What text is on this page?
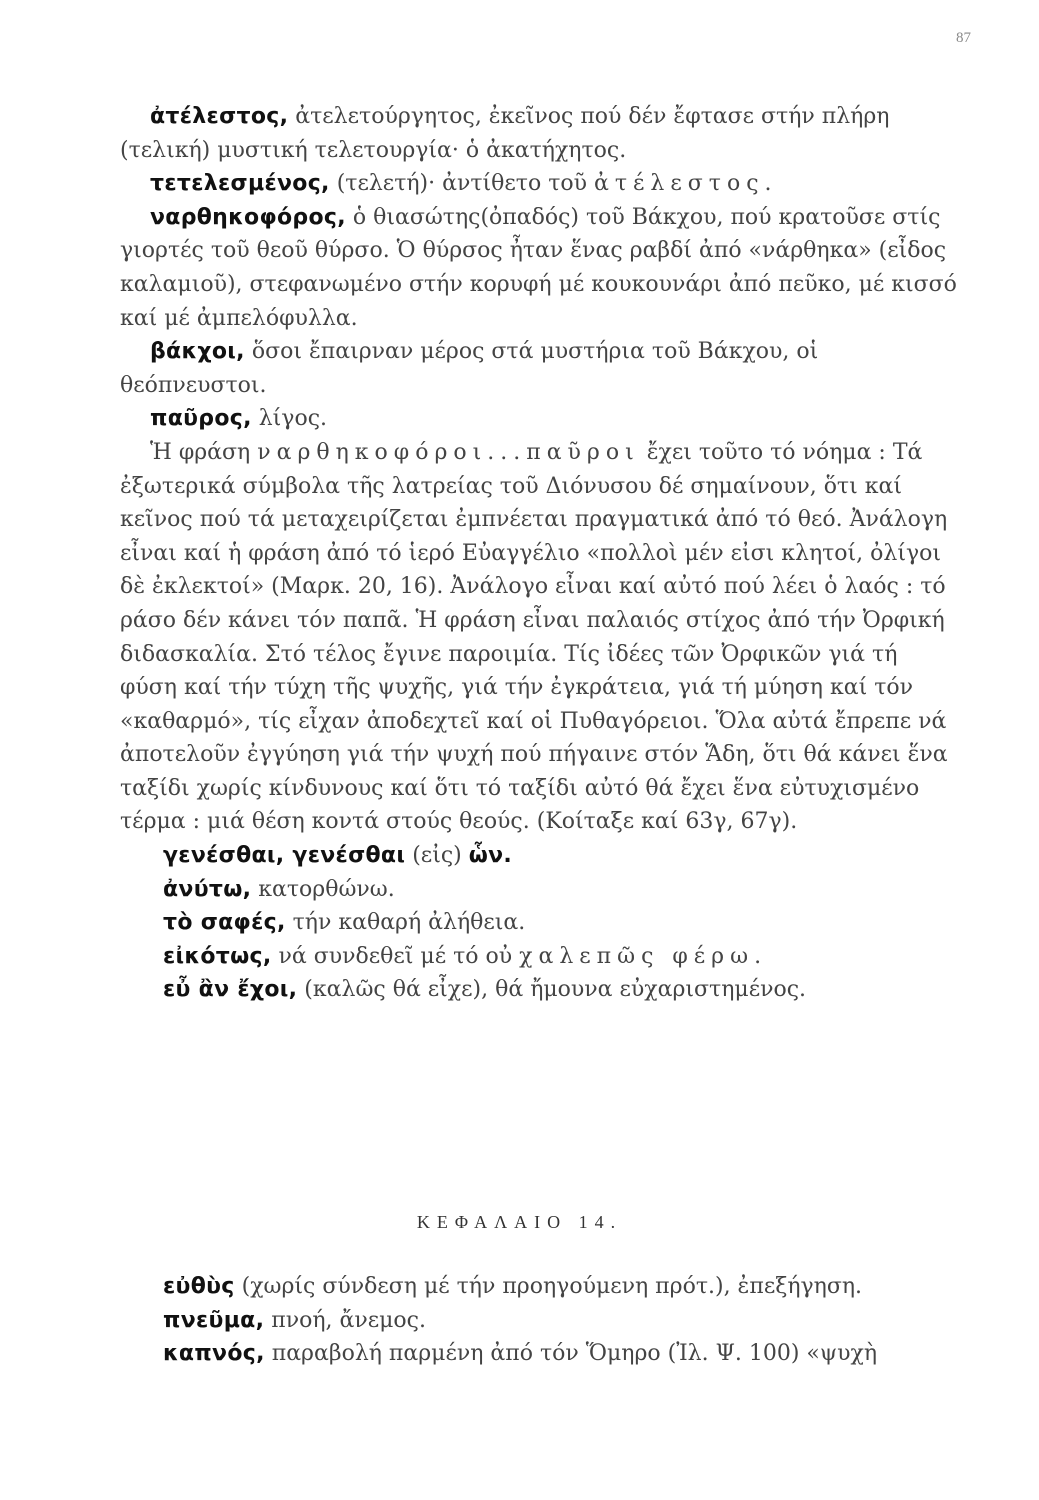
87

ἀτέλεστος, ἀτελετούργητος, ἐκεῖνος πού δέν ἔφτασε στήν πλήρη (τελική) μυστική τελετουργία· ὁ ἀκατήχητος.

τετελεσμένος, (τελετή)· ἀντίθετο τοῦ ἀτέλεστος.

ναρθηκοφόρος, ὁ θιασώτης(ὀπαδός) τοῦ Βάκχου, πού κρατοῦσε στίς γιορτές τοῦ θεοῦ θύρσο. Ὁ θύρσος ἦταν ἕνας ραβδί ἀπό «νάρθηκα» (εἶδος καλαμιοῦ), στεφανωμένο στήν κορυφή μέ κουκουνάρι ἀπό πεῦκο, μέ κισσό καί μέ ἀμπελόφυλλα.

βάκχοι, ὅσοι ἔπαιρναν μέρος στά μυστήρια τοῦ Βάκχου, οἱ θεόπνευστοι.

παῦρος, λίγος.

Ἡ φράση ναρθηκοφόροι...παῦροι ἔχει τοῦτο τό νόημα : Τά ἐξωτερικά σύμβολα τῆς λατρείας τοῦ Διόνυσου δέ σημαίνουν, ὅτι καί κεῖνος πού τά μεταχειρίζεται ἐμπνέεται πραγματικά ἀπό τό θεό. Ἀνάλογη εἶναι καί ἡ φράση ἀπό τό ἱερό Εὐαγγέλιο «πολλοὶ μέν εἰσι κλητοί, ὀλίγοι δὲ ἐκλεκτοί» (Μαρκ. 20, 16). Ἀνάλογο εἶναι καί αὐτό πού λέει ὁ λαός : τό ράσο δέν κάνει τόν παπᾶ. Ἡ φράση εἶναι παλαιός στίχος ἀπό τήν Ὀρφική διδασκαλία. Στό τέλος ἔγινε παροιμία. Τίς ἰδέες τῶν Ὀρφικῶν γιά τή φύση καί τήν τύχη τῆς ψυχῆς, γιά τήν ἐγκράτεια, γιά τή μύηση καί τόν «καθαρμό», τίς εἶχαν ἀποδεχτεῖ καί οἱ Πυθαγόρειοι. Ὅλα αὐτά ἔπρεπε νά ἀποτελοῦν ἐγγύηση γιά τήν ψυχή πού πήγαινε στόν Ἅδη, ὅτι θά κάνει ἕνα ταξίδι χωρίς κίνδυνους καί ὅτι τό ταξίδι αὐτό θά ἔχει ἕνα εὐτυχισμένο τέρμα : μιά θέση κοντά στούς θεούς. (Κοίταξε καί 63γ, 67γ).

γενέσθαι, γενέσθαι (εἰς) ὧν.

ἀνύτω, κατορθώνω.

τὸ σαφές, τήν καθαρή ἀλήθεια.

εἰκότως, νά συνδεθεῖ μέ τό οὐ χαλεπῶς φέρω.

εὖ ἂν ἔχοι, (καλῶς θά εἶχε), θά ἤμουνα εὐχαριστημένος.

ΚΕΦΑΛΑΙΟ 14.

εὐθὺς (χωρίς σύνδεση μέ τήν προηγούμενη πρότ.), ἐπεξήγηση.

πνεῦμα, πνοή, ἄνεμος.

καπνός, παραβολή παρμένη ἀπό τόν Ὅμηρο (Ἰλ. Ψ. 100) «ψυχὴ
